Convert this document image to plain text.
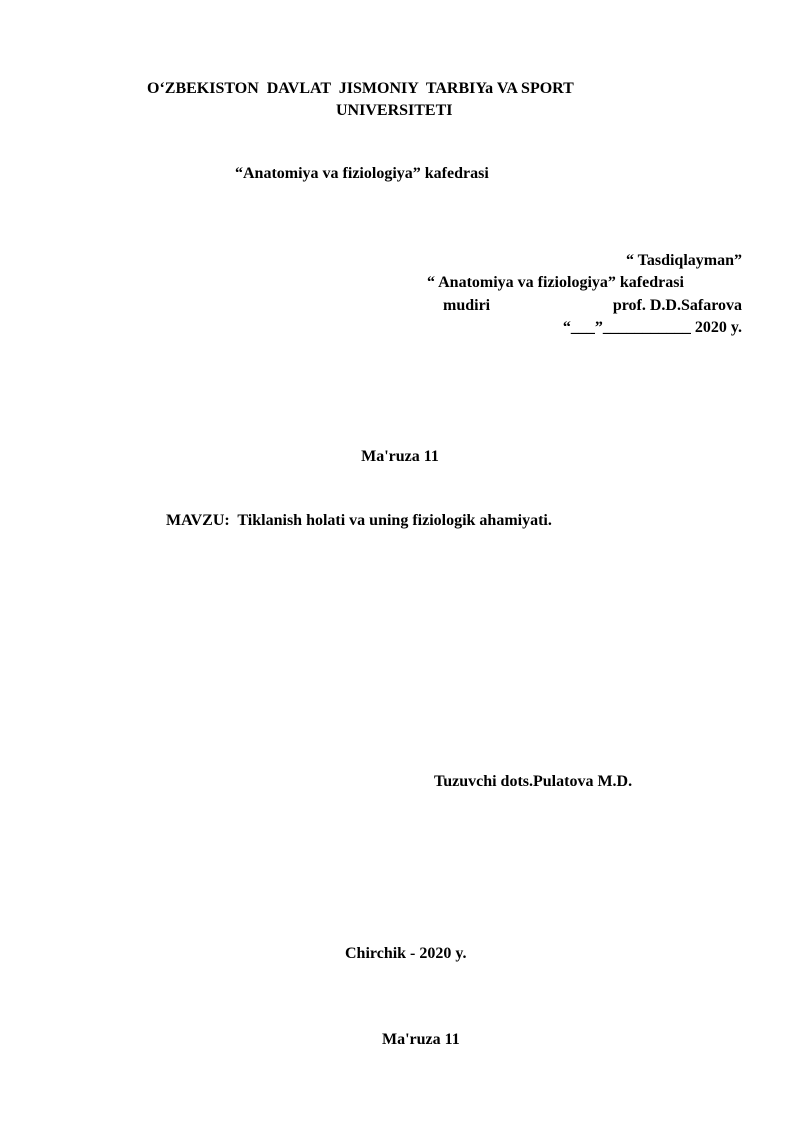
O‘ZBEKISTON  DAVLAT  JISMONIY  TARBIYa VA SPORT

UNIVERSITETI

“Anatomiya va fiziologiya” kafedrasi

“ Tasdiqlayman”

“ Anatomiya va fiziologiya” kafedrasi

mudiri	prof. D.D.Safarova

“___”___________ 2020 y.

Ma'ruza 11

MAVZU: Tiklanish holati va uning fiziologik ahamiyati.

Tuzuvchi dots.Pulatova M.D.

Chirchik - 2020 y.

Ma'ruza 11
